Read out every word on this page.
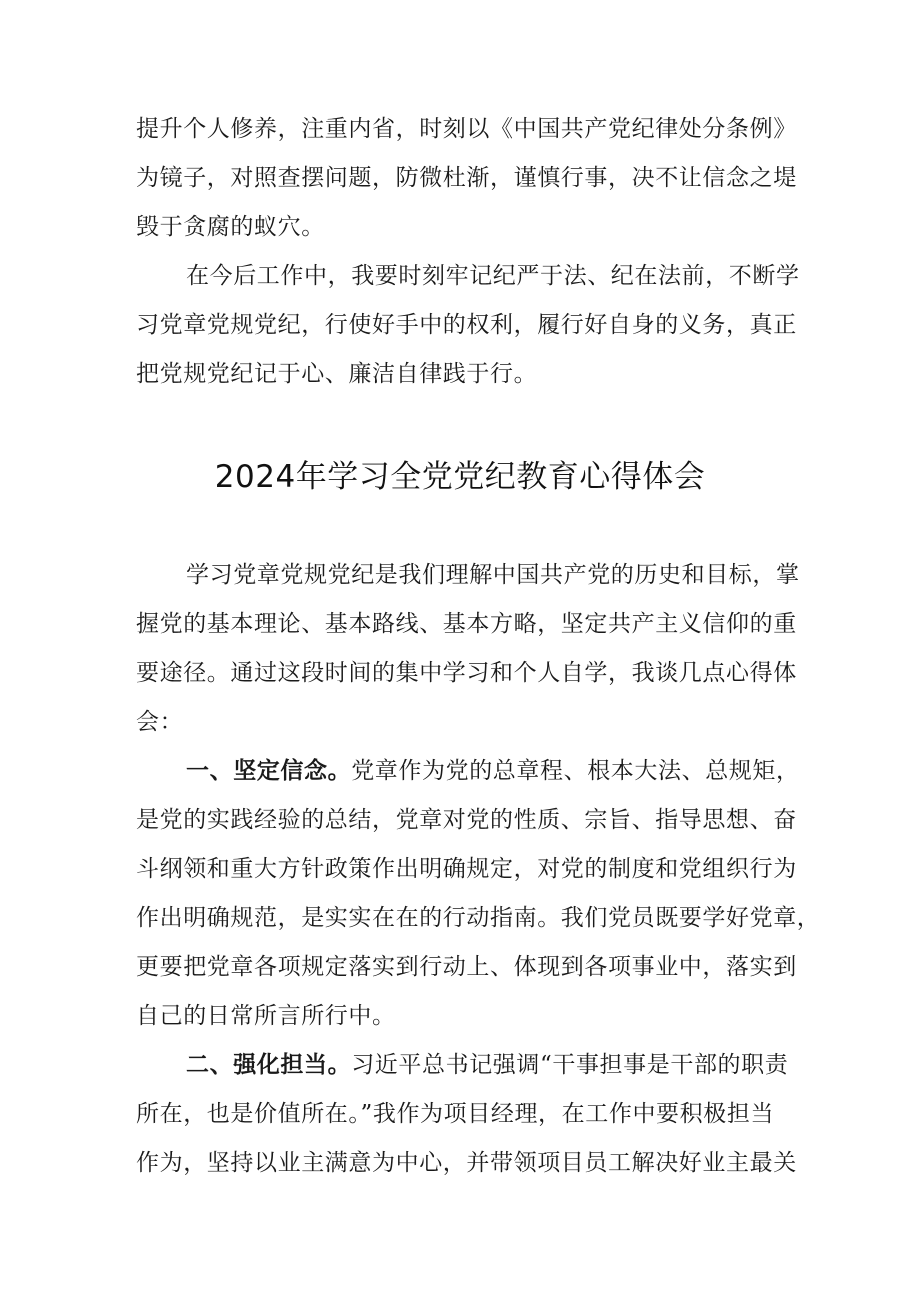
提升个人修养，注重内省，时刻以《中国共产党纪律处分条例》
为镜子，对照查摆问题，防微杜渐，谨慎行事，决不让信念之堤
毁于贪腐的蚁穴。
在今后工作中，我要时刻牢记纪严于法、纪在法前，不断学
习党章党规党纪，行使好手中的权利，履行好自身的义务，真正
把党规党纪记于心、廉洁自律践于行。
2024年学习全党党纪教育心得体会
学习党章党规党纪是我们理解中国共产党的历史和目标，掌
握党的基本理论、基本路线、基本方略，坚定共产主义信仰的重
要途径。通过这段时间的集中学习和个人自学，我谈几点心得体
会：
一、坚定信念。党章作为党的总章程、根本大法、总规矩，
是党的实践经验的总结，党章对党的性质、宗旨、指导思想、奋
斗纲领和重大方针政策作出明确规定，对党的制度和党组织行为
作出明确规范，是实实在在的行动指南。我们党员既要学好党章，
更要把党章各项规定落实到行动上、体现到各项事业中，落实到
自己的日常所言所行中。
二、强化担当。习近平总书记强调“干事担事是干部的职责
所在，也是价值所在。”我作为项目经理，在工作中要积极担当
作为，坚持以业主满意为中心，并带领项目员工解决好业主最关
